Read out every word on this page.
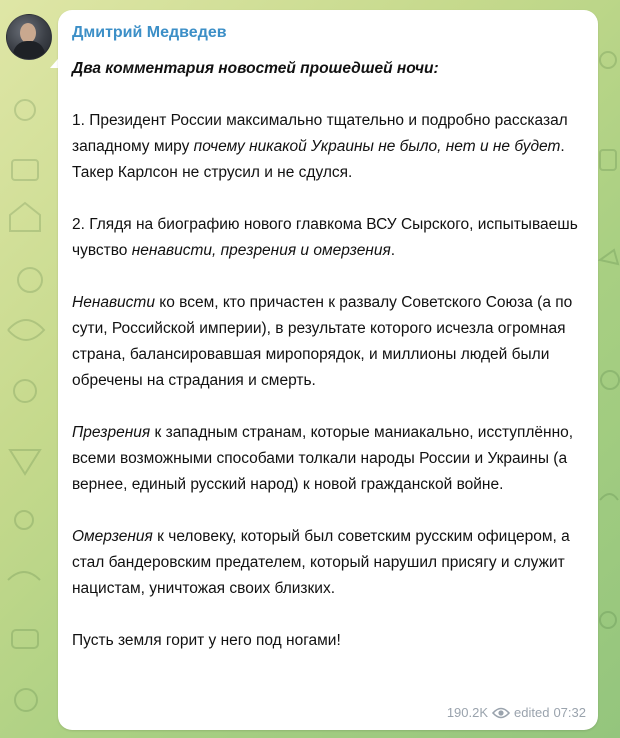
Дмитрий Медведев

Два комментария новостей прошедшей ночи:

1. Президент России максимально тщательно и подробно рассказал западному миру почему никакой Украины не было, нет и не будет.
Такер Карлсон не струсил и не сдулся.

2. Глядя на биографию нового главкома ВСУ Сырского, испытываешь чувство ненависти, презрения и омерзения.

Ненависти ко всем, кто причастен к развалу Советского Союза (а по сути, Российской империи), в результате которого исчезла огромная страна, балансировавшая миропорядок, и миллионы людей были обречены на страдания и смерть.

Презрения к западным странам, которые маниакально, исступлённо, всеми возможными способами толкали народы России и Украины (а вернее, единый русский народ) к новой гражданской войне.

Омерзения к человеку, который был советским русским офицером, а стал бандеровским предателем, который нарушил присягу и служит нацистам, уничтожая своих близких.

Пусть земля горит у него под ногами!

190.2K edited 07:32
